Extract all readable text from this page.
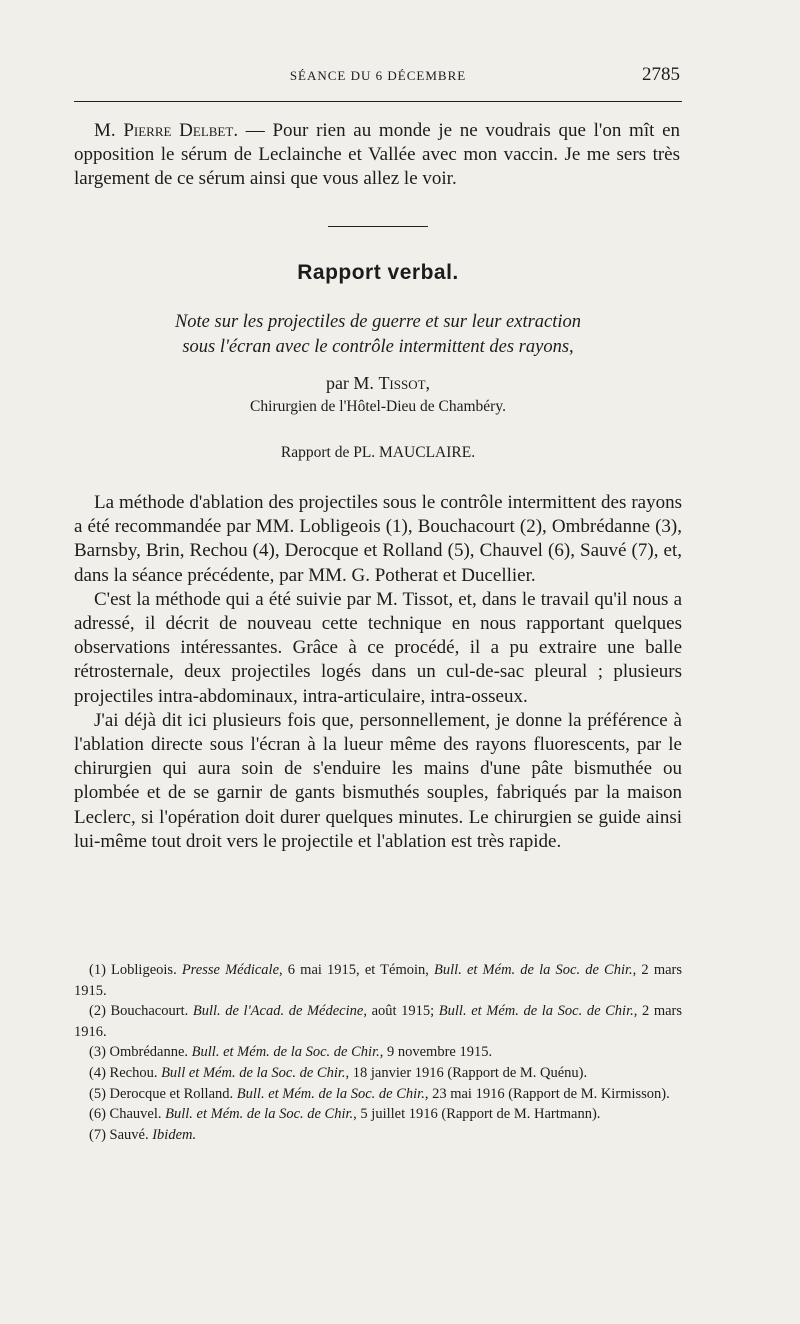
SÉANCE DU 6 DÉCEMBRE	2785

M. Pierre Delbet. — Pour rien au monde je ne voudrais que l'on mît en opposition le sérum de Leclainche et Vallée avec mon vaccin. Je me sers très largement de ce sérum ainsi que vous allez le voir.

Rapport verbal.
Note sur les projectiles de guerre et sur leur extraction
sous l'écran avec le contrôle intermittent des rayons,
par M. Tissot,
Chirurgien de l'Hôtel-Dieu de Chambéry.
Rapport de PL. MAUCLAIRE.

La méthode d'ablation des projectiles sous le contrôle intermittent des rayons a été recommandée par MM. Lobligeois (1), Bouchacourt (2), Ombrédanne (3), Barnsby, Brin, Rechou (4), Derocque et Rolland (5), Chauvel (6), Sauvé (7), et, dans la séance précédente, par MM. G. Potherat et Ducellier.

C'est la méthode qui a été suivie par M. Tissot, et, dans le travail qu'il nous a adressé, il décrit de nouveau cette technique en nous rapportant quelques observations intéressantes. Grâce à ce procédé, il a pu extraire une balle rétrosternale, deux projectiles logés dans un cul-de-sac pleural ; plusieurs projectiles intra-abdominaux, intra-articulaire, intra-osseux.

J'ai déjà dit ici plusieurs fois que, personnellement, je donne la préférence à l'ablation directe sous l'écran à la lueur même des rayons fluorescents, par le chirurgien qui aura soin de s'enduire les mains d'une pâte bismuthée ou plombée et de se garnir de gants bismuthés souples, fabriqués par la maison Leclerc, si l'opération doit durer quelques minutes. Le chirurgien se guide ainsi lui-même tout droit vers le projectile et l'ablation est très rapide.

(1) Lobligeois. Presse Médicale, 6 mai 1915, et Témoin, Bull. et Mém. de la Soc. de Chir., 2 mars 1915.

(2) Bouchacourt. Bull. de l'Acad. de Médecine, août 1915; Bull. et Mém. de la Soc. de Chir., 2 mars 1916.

(3) Ombrédanne. Bull. et Mém. de la Soc. de Chir., 9 novembre 1915.

(4) Rechou. Bull et Mém. de la Soc. de Chir., 18 janvier 1916 (Rapport de M. Quénu).

(5) Derocque et Rolland. Bull. et Mém. de la Soc. de Chir., 23 mai 1916 (Rapport de M. Kirmisson).

(6) Chauvel. Bull. et Mém. de la Soc. de Chir., 5 juillet 1916 (Rapport de M. Hartmann).

(7) Sauvé. Ibidem.
